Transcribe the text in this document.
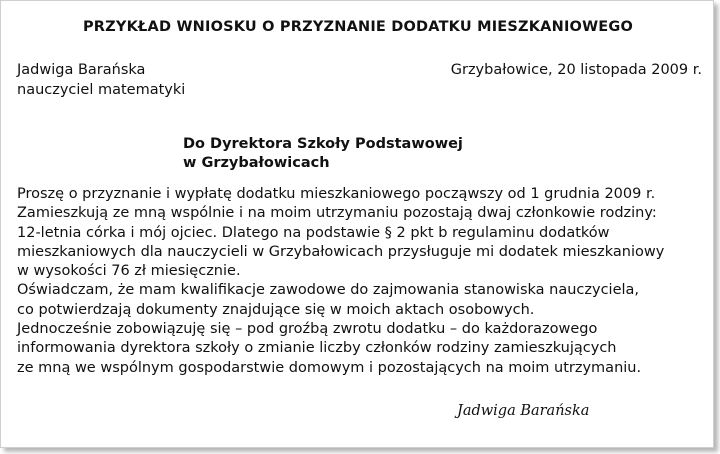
PRZYKŁAD WNIOSKU O PRZYZNANIE DODATKU MIESZKANIOWEGO
Jadwiga Barańska
nauczyciel matematyki
Grzybałowice, 20 listopada 2009 r.
Do Dyrektora Szkoły Podstawowej
w Grzybałowicach
Proszę o przyznanie i wypłatę dodatku mieszkaniowego począwszy od 1 grudnia 2009 r.
Zamieszkują ze mną wspólnie i na moim utrzymaniu pozostają dwaj członkowie rodziny:
12-letnia córka i mój ojciec. Dlatego na podstawie § 2 pkt b regulaminu dodatków
mieszkaniowych dla nauczycieli w Grzybałowicach przysługuje mi dodatek mieszkaniowy
w wysokości 76 zł miesięcznie.
Oświadczam, że mam kwalifikacje zawodowe do zajmowania stanowiska nauczyciela,
co potwierdzają dokumenty znajdujące się w moich aktach osobowych.
Jednocześnie zobowiązuję się – pod groźbą zwrotu dodatku – do każdorazowego
informowania dyrektora szkoły o zmianie liczby członków rodziny zamieszkujących
ze mną we wspólnym gospodarstwie domowym i pozostających na moim utrzymaniu.
Jadwiga Barańska
